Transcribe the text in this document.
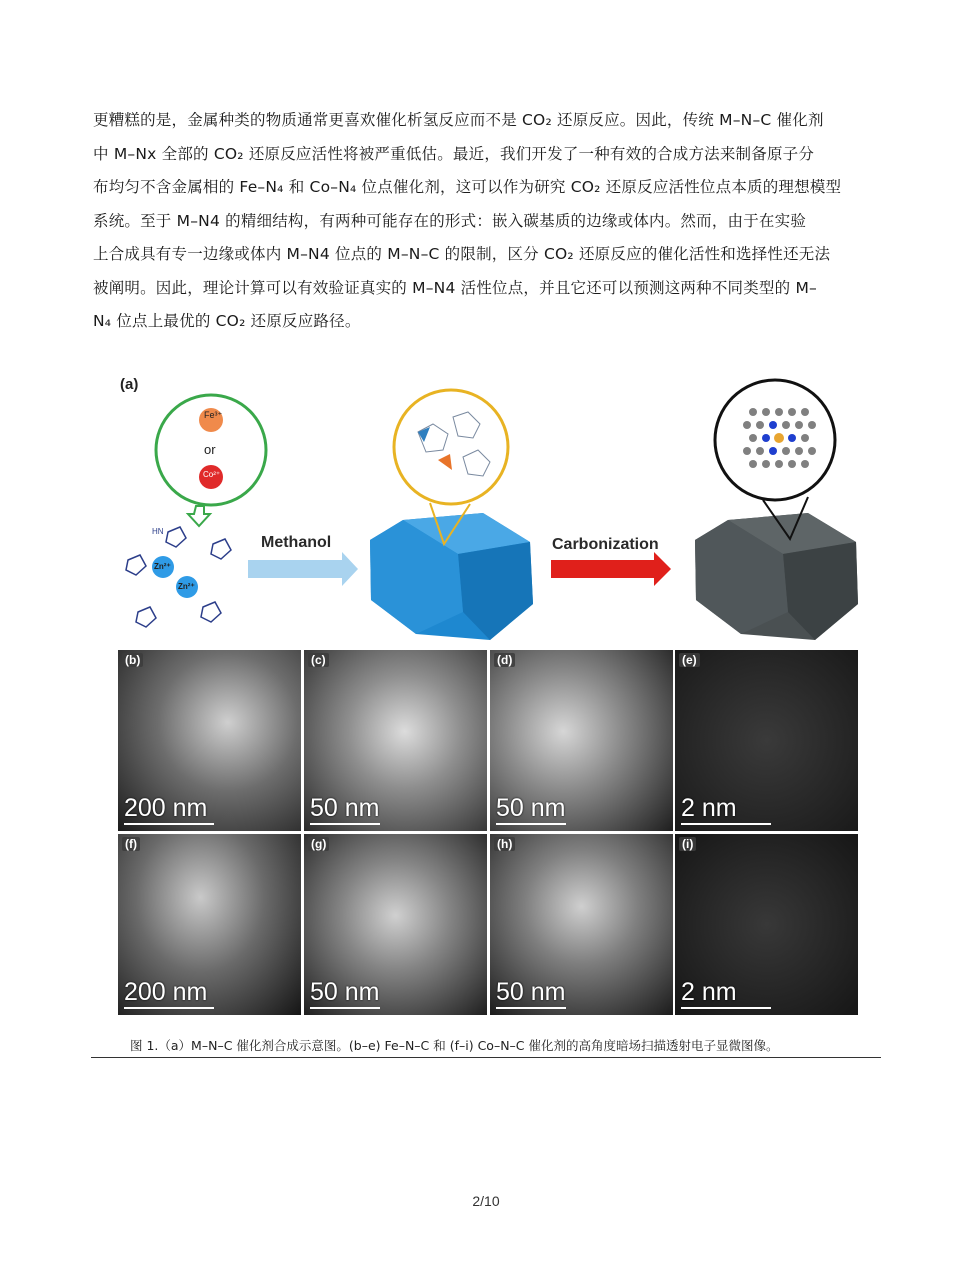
更糟糕的是，金属种类的物质通常更喜欢催化析氢反应而不是 CO₂ 还原反应。因此，传统 M–N–C 催化剂
中 M–Nx 全部的 CO₂ 还原反应活性将被严重低估。最近，我们开发了一种有效的合成方法来制备原子分
布均匀不含金属相的 Fe–N₄ 和 Co–N₄ 位点催化剂，这可以作为研究 CO₂ 还原反应活性位点本质的理想模型
系统。至于 M–N4 的精细结构，有两种可能存在的形式：嵌入碳基质的边缘或体内。然而，由于在实验
上合成具有专一边缘或体内 M–N4 位点的 M–N–C 的限制，区分 CO₂ 还原反应的催化活性和选择性还无法
被阐明。因此，理论计算可以有效验证真实的 M–N4 活性位点，并且它还可以预测这两种不同类型的 M–
N₄ 位点上最优的 CO₂ 还原反应路径。
(a)
Fe³⁺
or
Co²⁺
Zn²⁺
Zn²⁺
HN
Methanol	Carbonization
(b)
200 nm
(c)
50 nm
(d)
50 nm
(e)
2 nm
(f)
200 nm
(g)
50 nm
(h)
50 nm
(i)
2 nm
图 1.（a）M–N–C 催化剂合成示意图。(b–e) Fe–N–C 和 (f–i) Co–N–C 催化剂的高角度暗场扫描透射电子显微图像。
2/10
